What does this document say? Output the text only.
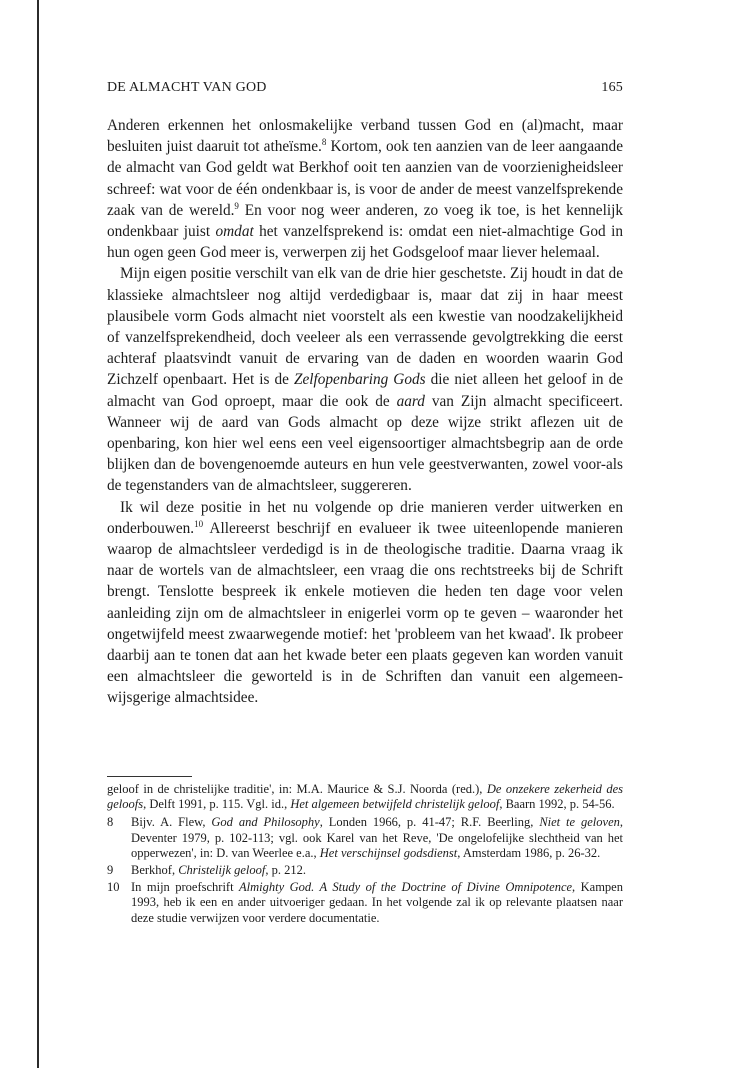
DE ALMACHT VAN GOD	165

Anderen erkennen het onlosmakelijke verband tussen God en (al)macht, maar besluiten juist daaruit tot atheïsme.$^8$ Kortom, ook ten aanzien van de leer aangaande de almacht van God geldt wat Berkhof ooit ten aanzien van de voorzienigheidsleer schreef: wat voor de één ondenkbaar is, is voor de ander de meest vanzelfsprekende zaak van de wereld.$^9$ En voor nog weer anderen, zo voeg ik toe, is het kennelijk ondenkbaar juist omdat het vanzelfsprekend is: omdat een niet-almachtige God in hun ogen geen God meer is, verwerpen zij het Godsgeloof maar liever helemaal.

Mijn eigen positie verschilt van elk van de drie hier geschetste. Zij houdt in dat de klassieke almachtsleer nog altijd verdedigbaar is, maar dat zij in haar meest plausibele vorm Gods almacht niet voorstelt als een kwestie van noodzakelijkheid of vanzelfsprekendheid, doch veeleer als een verrassende gevolgtrekking die eerst achteraf plaatsvindt vanuit de ervaring van de daden en woorden waarin God Zichzelf openbaart. Het is de Zelfopenbaring Gods die niet alleen het geloof in de almacht van God oproept, maar die ook de aard van Zijn almacht specificeert. Wanneer wij de aard van Gods almacht op deze wijze strikt aflezen uit de openbaring, kon hier wel eens een veel eigensoortiger almachtsbegrip aan de orde blijken dan de bovengenoemde auteurs en hun vele geestverwanten, zowel voor-als de tegenstanders van de almachtsleer, suggereren.

Ik wil deze positie in het nu volgende op drie manieren verder uitwerken en onderbouwen.$^{10}$ Allereerst beschrijf en evalueer ik twee uiteenlopende manieren waarop de almachtsleer verdedigd is in de theologische traditie. Daarna vraag ik naar de wortels van de almachtsleer, een vraag die ons rechtstreeks bij de Schrift brengt. Tenslotte bespreek ik enkele motieven die heden ten dage voor velen aanleiding zijn om de almachtsleer in enigerlei vorm op te geven – waaronder het ongetwijfeld meest zwaarwegende motief: het 'probleem van het kwaad'. Ik probeer daarbij aan te tonen dat aan het kwade beter een plaats gegeven kan worden vanuit een almachtsleer die geworteld is in de Schriften dan vanuit een algemeen-wijsgerige almachtsidee.

geloof in de christelijke traditie', in: M.A. Maurice & S.J. Noorda (red.), De onzekere zekerheid des geloofs, Delft 1991, p. 115. Vgl. id., Het algemeen betwijfeld christelijk geloof, Baarn 1992, p. 54-56.

8 Bijv. A. Flew, God and Philosophy, Londen 1966, p. 41-47; R.F. Beerling, Niet te geloven, Deventer 1979, p. 102-113; vgl. ook Karel van het Reve, 'De ongelofelijke slechtheid van het opperwezen', in: D. van Weerlee e.a., Het verschijnsel godsdienst, Amsterdam 1986, p. 26-32.

9 Berkhof, Christelijk geloof, p. 212.

10 In mijn proefschrift Almighty God. A Study of the Doctrine of Divine Omnipotence, Kampen 1993, heb ik een en ander uitvoeriger gedaan. In het volgende zal ik op relevante plaatsen naar deze studie verwijzen voor verdere documentatie.
